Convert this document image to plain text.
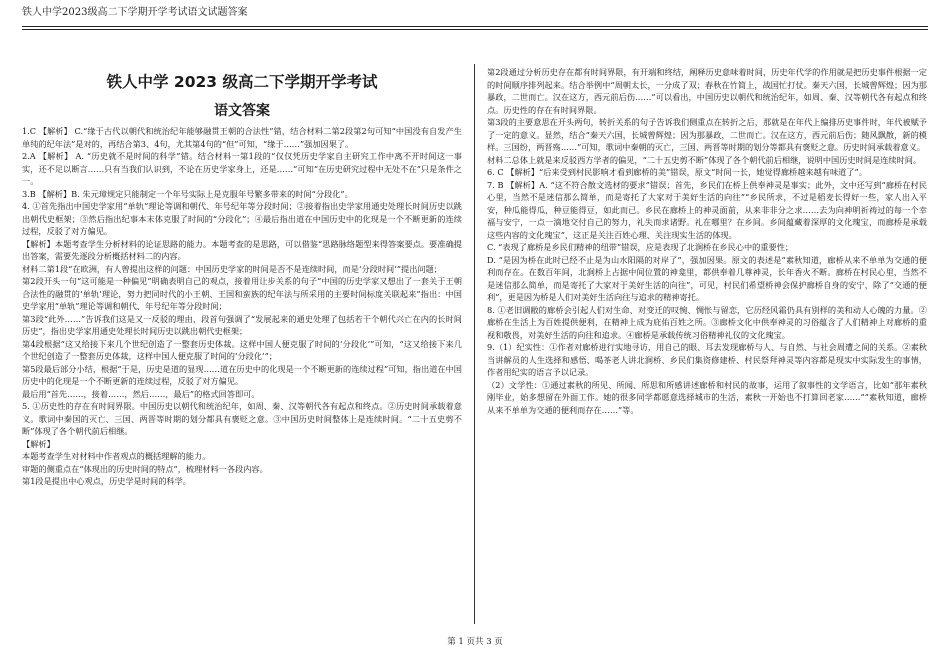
铁人中学2023级高二下学期开学考试语文试题答案
铁人中学 2023 级高二下学期开学考试
语文答案

1.C 【解析】 C.“缘于古代以朝代和统治纪年能够融贯王朝的合法性”错，结合材料二第2段第2句可知“中国没有自发产生单纯的纪年法”是对的，再结合第3、4句，尤其第4句的“但”可知，“缘于……”强加因果了。

2.A 【解析】 A. “历史就不是时间的科学”错。结合材料一第1段的“仅仅凭历史学家自主研究工作中离不开时间这一事实，还不足以断言……只有当我们认识到，不论在历史学家身上，还是……”可知“在历史研究过程中无处不在”只是条件之一。

3.B 【解析】B. 朱元璋规定只能制定一个年号实际上是克服年号繁多带来的时间“分段化”。

4. ①首先指出中国史学家用“单轨”理论等调和朝代、年号纪年等分段时间；②接着指出史学家用通史处理长时间历史以跳出朝代史框架；③然后指出纪事本末体克服了时间的“分段化”；④最后指出道在中国历史中的化现是一个不断更新的连续过程，反驳了对方偏见。

【解析】本题考查学生分析材料的论证思路的能力。本题考查的是思路，可以借鉴“思路脉络题型来得答案要点。要准确提出答案，需要先逐段分析概括材料二的内容。

材料二第1段“在欧洲，有人曾提出这样的问题：中国历史学家的时间是否不是连续时间，而是‘分段时间’”提出问题；

第2段开头一句“这可能是一种偏见”明确表明自己的观点，接着用让步关系的句子“中国的历史学家又想出了一套关于王朝合法性的融贯的‘单轨’理论，努力把同时代的小王朝、王国和蛮族的纪年法与所采用的主要时间标度关联起来”指出：中国史学家用“单轨”理论等调和朝代、年号纪年等分段时间；

第3段“此外……”告诉我们这是又一反驳的理由，段首句强调了“发展起来的通史处理了包括若干个朝代兴亡在内的长时间历史”，指出史学家用通史处理长时间历史以跳出朝代史框架；

第4段根据“这又给接下来几个世纪创造了一整套历史体裁。这样中国人便克服了时间的‘分段化’”可知，“这又给接下来几个世纪创造了一整套历史体裁，这样中国人便克服了时间的‘分段化’”；

第5段最后部分小结，根据“于是，历史是道的显现……道在历史中的化现是一个不断更新的连续过程”可知，指出道在中国历史中的化现是一个不断更新的连续过程，反驳了对方偏见。

最后用“首先……，接着……，然后……，最后”的格式回答即可。

5. ①历史性的存在有时间界限。中国历史以朝代和统治纪年，如周、秦、汉等朝代各有起点和终点。②历史时间承载着意义。歌词中秦国的灭亡、三国、两晋等时期的划分都具有褒贬之意。③中国历史时间整体上是连续时间。“二十五史剪不断”体现了各个朝代前后相继。

【解析】

本题考查学生对材料中作者观点的概括理解的能力。

审题的侧重点在“体现出的历史时间的特点”，梳理材料一各段内容。

第1段是提出中心观点，历史学是时间的科学。

第2段通过分析历史存在都有时间界限，有开端和终结，阐释历史意味着时间，历史年代学的作用就是把历史事件根据一定的时间顺序排列起来。结合举例中“周朝太长，一分成了双；春秋在竹简上，战国忙打仗。秦天六国，长城曾辉煌；因为那暴政，二世而亡。汉在这方，西元前后伤……”可以看出，中国历史以朝代和统治纪年，如周、秦、汉等朝代各有起点和终点。历史性的存在有时间界限。

第3段的主要意思在开头两句，转折关系的句子告诉我们侧重点在转折之后，那就是在年代上编排历史事件时，年代被赋予了一定的意义。显然，结合“秦天六国，长城曾辉煌；因为那暴政，二世而亡。汉在这方，西元前后伤；随风飘散，新的模样。三国纷，两晋殇……”可知，歌词中秦朝的灭亡，三国、两晋等时期的划分等都具有褒贬之意。历史时间承载着意义。

材料二总体上就是来反驳西方学者的偏见，“二十五史剪不断”体现了各个朝代前后相继，说明中国历史时间是连续时间。

6. C 【解析】“后来受到村民影响才看到廊桥的美”错误，原文“时间一长，她觉得廊桥越来越有味道了”。

7. B 【解析】A. “这不符合散文选材的要求”错误；首先，乡民们在桥上供奉神灵是事实；此外，文中还写到“廊桥在村民心里，当然不是迷信那么简单，而是寄托了大家对于美好生活的向往”“乡民所求，不过是稻麦长得好一些，家人出入平安，种瓜能得瓜，种豆能得豆，如此而已。乡民在廊桥上的神灵面前，从来非非分之求……去为向神明祈祷过的每一个幸福与安宁，一点一滴地交付自己的努力，礼失而求诸野。礼在哪里？在乡间。乡间蕴藏着深厚的文化瑰宝，而廊桥是承载这些内容的文化瑰宝”，这正是关注百姓心理、关注现实生活的体现。

C. “表现了廊桥是乡民们精神的纽带”错误，应是表现了北涧桥在乡民心中的重要性；

D. “是因为桥在此时已经不止是为山水阳隔的对岸了”，强加因果。原文的表述是“素秋知道，廊桥从来不单单为交通的便利而存在。在数百年间，北涧桥上占据中间位置的神龛里，都供奉着几尊神灵，长年香火不断。廊桥在村民心里，当然不是迷信那么简单，而是寄托了大家对于美好生活的向往”，可见，村民们希望桥神会保护廊桥自身的安宁，除了“交通的便利”，更是因为桥是人们对美好生活向往与追求的精神寄托。

8. ①老旧调敝的廊桥会引起人们对生命、对变迁的叹惋、惆怅与留恋，它历经风霜仍具有别样的美和动人心魄的力量。②廊桥在生活上为百姓提供便利，在精神上成为庇佑百姓之所。③廊桥文化中供奉神灵的习俗蕴含了人们精神上对廊桥的重视和敬畏，对美好生活的向往和追求。④廊桥是承载传统习俗精神礼仪的文化瑰宝。

9.（1）纪实性：①作者对廊桥进行实地寻访，用自己的眼、耳去发现廊桥与人、与自然、与社会周遭之间的关系。②素秋当讲解员的人生选择和感悟、喝茶老人讲北涧桥、乡民们集资修建桥、村民祭拜神灵等内容都是现实中实际发生的事情，作者用纪实的语言予以记录。

（2）文学性：①通过素秋的所见、所闻、所思和所感讲述廊桥和村民的故事，运用了叙事性的文学语言，比如“那年素秋刚毕业，始多想留在外面工作。她的很多同学都愿意选择城市的生活，素秋一开始也不打算回老家……”“素秋知道，廊桥从来不单单为交通的便利而存在……”等。

第 1 页共 3 页
